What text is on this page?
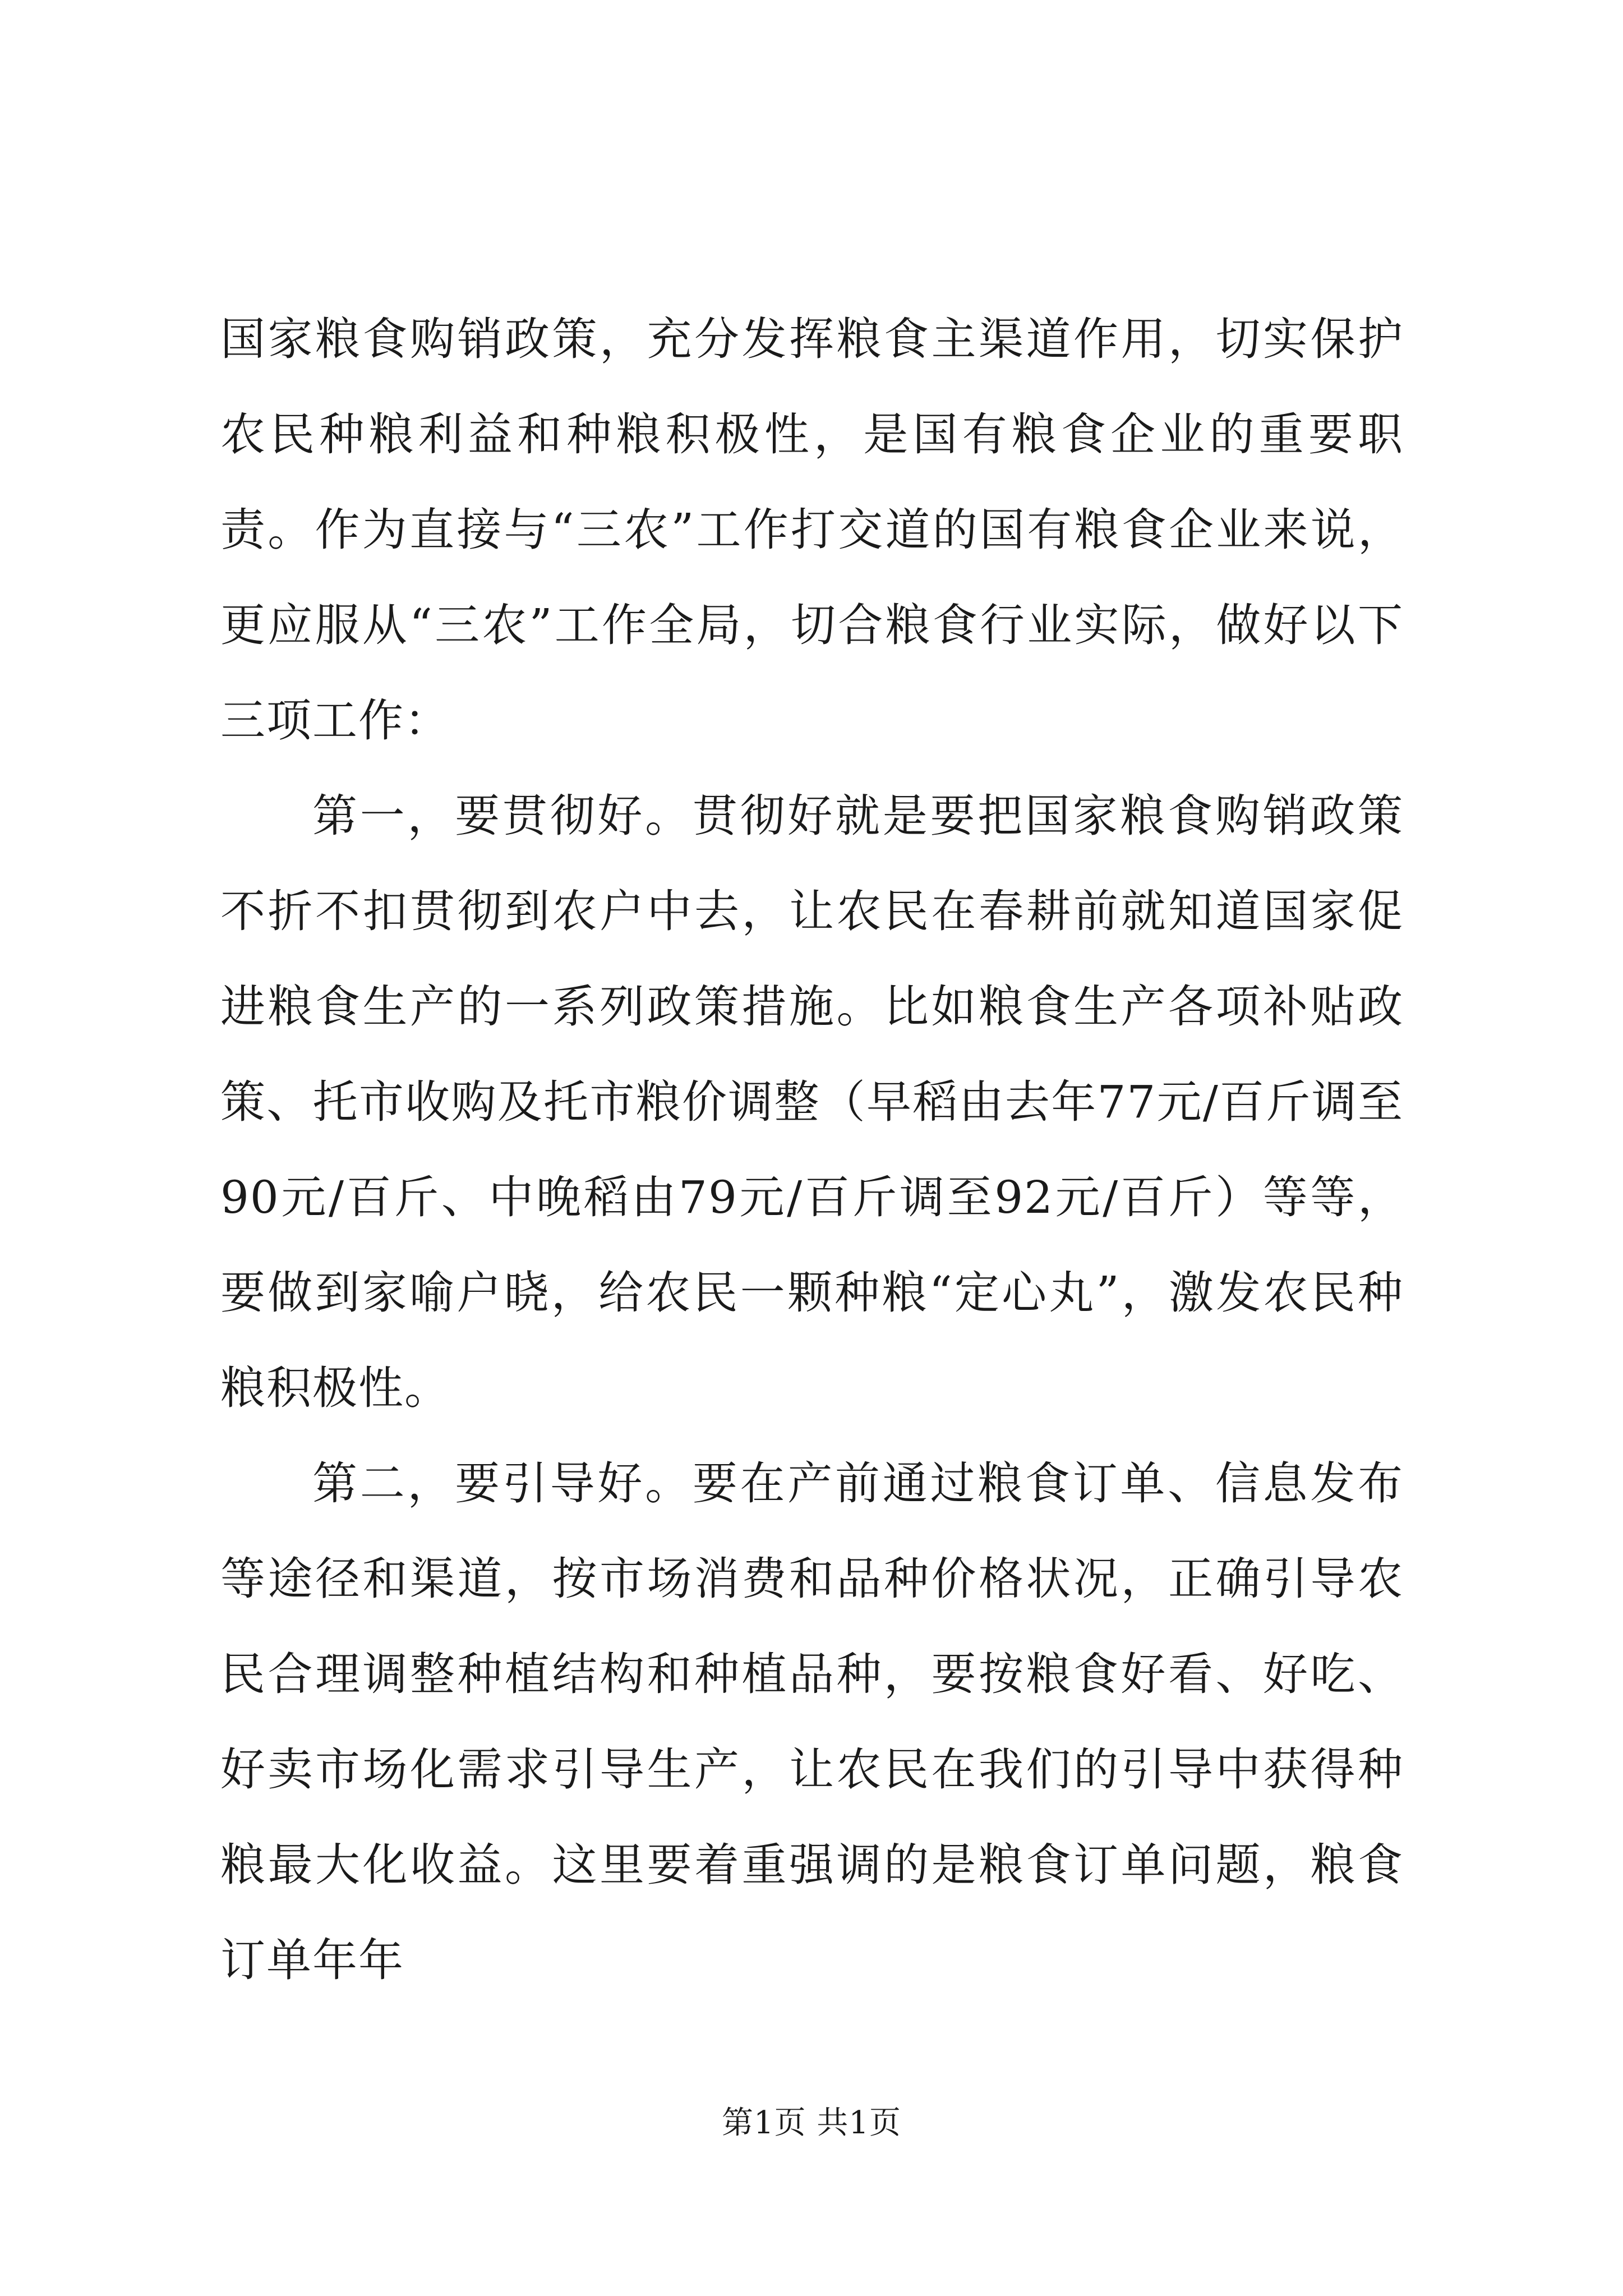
国家粮食购销政策，充分发挥粮食主渠道作用，切实保护农民种粮利益和种粮积极性，是国有粮食企业的重要职责。作为直接与“三农”工作打交道的国有粮食企业来说，更应服从“三农”工作全局，切合粮食行业实际，做好以下三项工作：

第一，要贯彻好。贯彻好就是要把国家粮食购销政策不折不扣贯彻到农户中去，让农民在春耕前就知道国家促进粮食生产的一系列政策措施。比如粮食生产各项补贴政策、托市收购及托市粮价调整（早稻由去年77元/百斤调至90元/百斤、中晚稻由79元/百斤调至92元/百斤）等等，要做到家喻户晓，给农民一颗种粮“定心丸”，激发农民种粮积极性。

第二，要引导好。要在产前通过粮食订单、信息发布等途径和渠道，按市场消费和品种价格状况，正确引导农民合理调整种植结构和种植品种，要按粮食好看、好吃、好卖市场化需求引导生产，让农民在我们的引导中获得种粮最大化收益。这里要着重强调的是粮食订单问题，粮食订单年年

第1页 共1页
